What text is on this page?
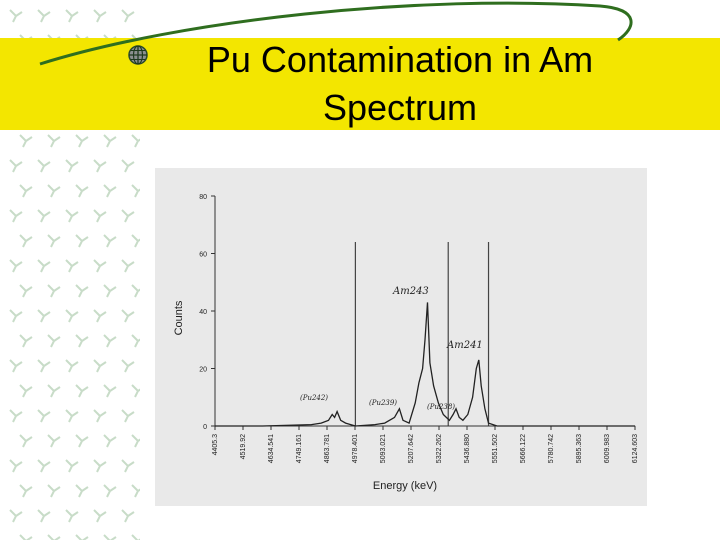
Pu Contamination in Am
Spectrum
0
20
40
60
80
4405.3	4519.92	4634.541	4749.161	4863.781	4978.401	5093.021	5207.642	5322.262	5436.880	5551.502	5666.122	5780.742	5895.363	6009.983	6124.603
Counts
Energy (keV)
Am243
Am241
(Pu242)
(Pu239)	(Pu238)
